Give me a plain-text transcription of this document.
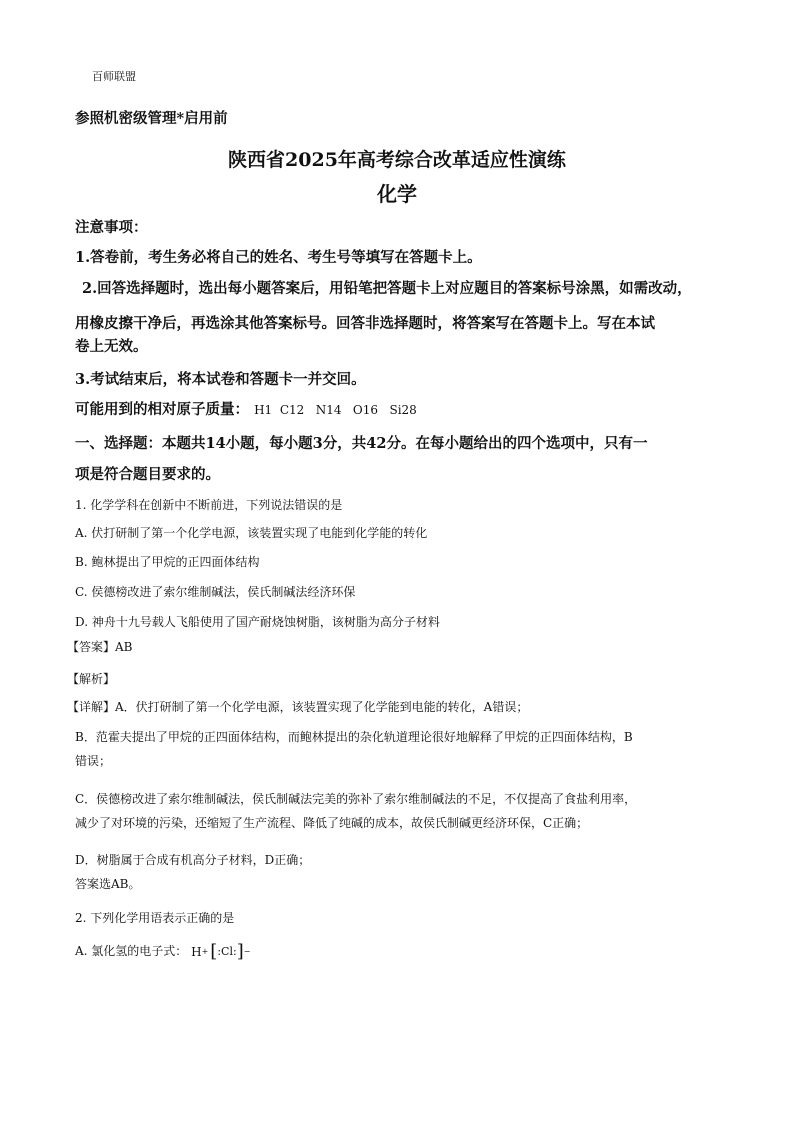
百师联盟
参照机密级管理*启用前
陕西省2025年高考综合改革适应性演练
化学
注意事项：
1.答卷前，考生务必将自己的姓名、考生号等填写在答题卡上。
2.回答选择题时，选出每小题答案后，用铅笔把答题卡上对应题目的答案标号涂黑，如需改动，
用橡皮擦干净后，再选涂其他答案标号。回答非选择题时，将答案写在答题卡上。写在本试
卷上无效。
3.考试结束后，将本试卷和答题卡一并交回。
可能用到的相对原子质量： H1  C12   N14   O16   Si28
一、选择题：本题共14小题，每小题3分，共42分。在每小题给出的四个选项中，只有一
项是符合题目要求的。
1. 化学学科在创新中不断前进，下列说法错误的是
A. 伏打研制了第一个化学电源，该装置实现了电能到化学能的转化
B. 鲍林提出了甲烷的正四面体结构
C. 侯德榜改进了索尔维制碱法，侯氏制碱法经济环保
D. 神舟十九号载人飞船使用了国产耐烧蚀树脂，该树脂为高分子材料
【答案】AB
【解析】
【详解】A．伏打研制了第一个化学电源，该装置实现了化学能到电能的转化，A错误；
B．范霍夫提出了甲烷的正四面体结构，而鲍林提出的杂化轨道理论很好地解释了甲烷的正四面体结构，B
错误；
C．侯德榜改进了索尔维制碱法，侯氏制碱法完美的弥补了索尔维制碱法的不足，不仅提高了食盐利用率，
减少了对环境的污染，还缩短了生产流程、降低了纯碱的成本，故侯氏制碱更经济环保，C正确；
D．树脂属于合成有机高分子材料，D正确；
答案选AB。
2. 下列化学用语表示正确的是
A. 氯化氢的电子式： H + [ :Cl: ] −
